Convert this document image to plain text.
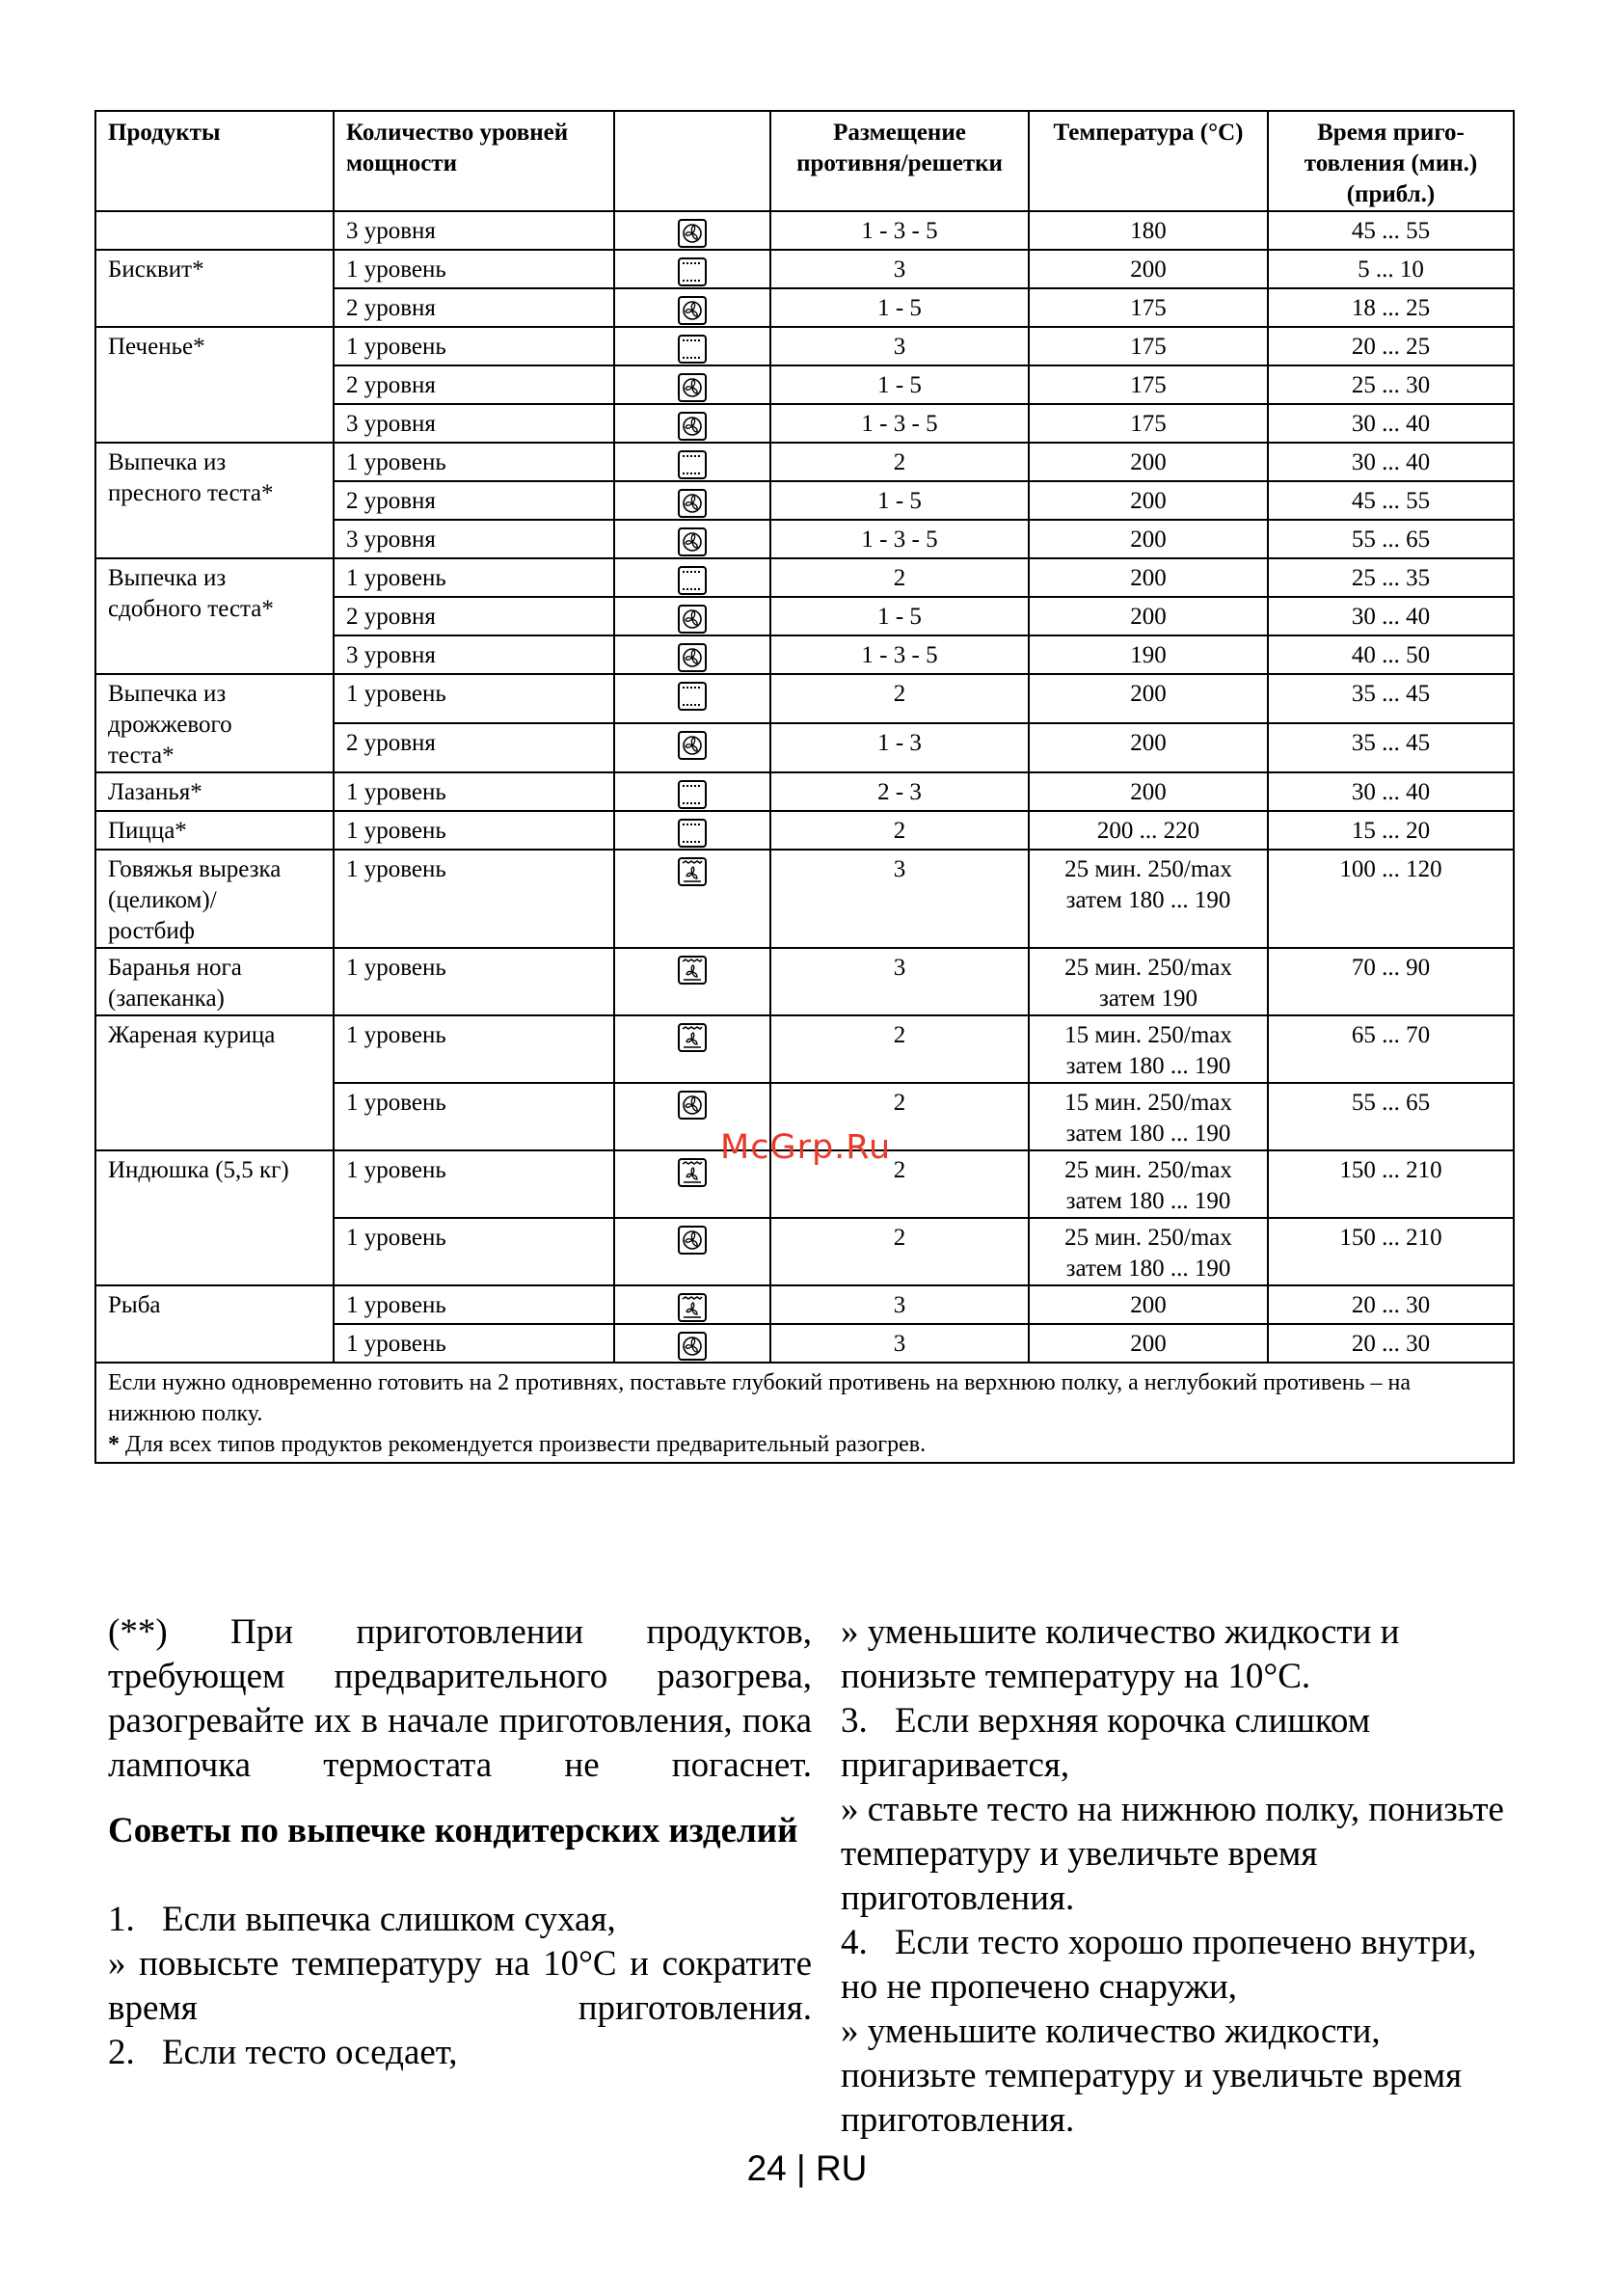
Продукты	Количество уровней мощности		Размещение противня/решетки	Температура (°С)	Время приго-товления (мин.) (прибл.)
	3 уровня		1 - 3 - 5	180	45 ... 55
Бисквит*	1 уровень		3	200	5 ... 10
	2 уровня		1 - 5	175	18 ... 25
Печенье*	1 уровень		3	175	20 ... 25
	2 уровня		1 - 5	175	25 ... 30
	3 уровня		1 - 3 - 5	175	30 ... 40
Выпечка из
пресного теста*	1 уровень		2	200	30 ... 40
	2 уровня		1 - 5	200	45 ... 55
	3 уровня		1 - 3 - 5	200	55 ... 65
Выпечка из
сдобного теста*	1 уровень		2	200	25 ... 35
	2 уровня		1 - 5	200	30 ... 40
	3 уровня		1 - 3 - 5	190	40 ... 50
Выпечка из
дрожжевого
теста*	1 уровень		2	200	35 ... 45
	2 уровня		1 - 3	200	35 ... 45
Лазанья*	1 уровень		2 - 3	200	30 ... 40
Пицца*	1 уровень		2	200 ... 220	15 ... 20
Говяжья вырезка
(целиком)/
ростбиф	1 уровень		3	25 мин. 250/max
затем 180 ... 190	100 ... 120
Баранья нога
(запеканка)	1 уровень		3	25 мин. 250/max
затем 190	70 ... 90
Жареная курица	1 уровень		2	15 мин. 250/max
затем 180 ... 190	65 ... 70
	1 уровень		2	15 мин. 250/max
затем 180 ... 190	55 ... 65
Индюшка (5,5 кг)	1 уровень		2	25 мин. 250/max
затем 180 ... 190	150 ... 210
	1 уровень		2	25 мин. 250/max
затем 180 ... 190	150 ... 210
Рыба	1 уровень		3	200	20 ... 30
	1 уровень		3	200	20 ... 30

Если нужно одновременно готовить на 2 противнях, поставьте глубокий противень на верхнюю полку, а неглубокий противень – на нижнюю полку.
* Для всех типов продуктов рекомендуется произвести предварительный разогрев.					
McGrp.Ru

(**) При приготовлении продуктов, требующем предварительного разогрева, разогревайте их в начале приготовления, пока лампочка термостата не погаснет.

Советы по выпечке кондитерских изделий

1. Если выпечка слишком сухая,

» повысьте температуру на 10°С и сократите время приготовления.

2. Если тесто оседает,

» уменьшите количество жидкости и понизьте температуру на 10°С.

3. Если верхняя корочка слишком пригаривается,

» ставьте тесто на нижнюю полку, понизьте температуру и увеличьте время приготовления.

4. Если тесто хорошо пропечено внутри, но не пропечено снаружи,

» уменьшите количество жидкости, понизьте температуру и увеличьте время приготовления.

24 | RU
